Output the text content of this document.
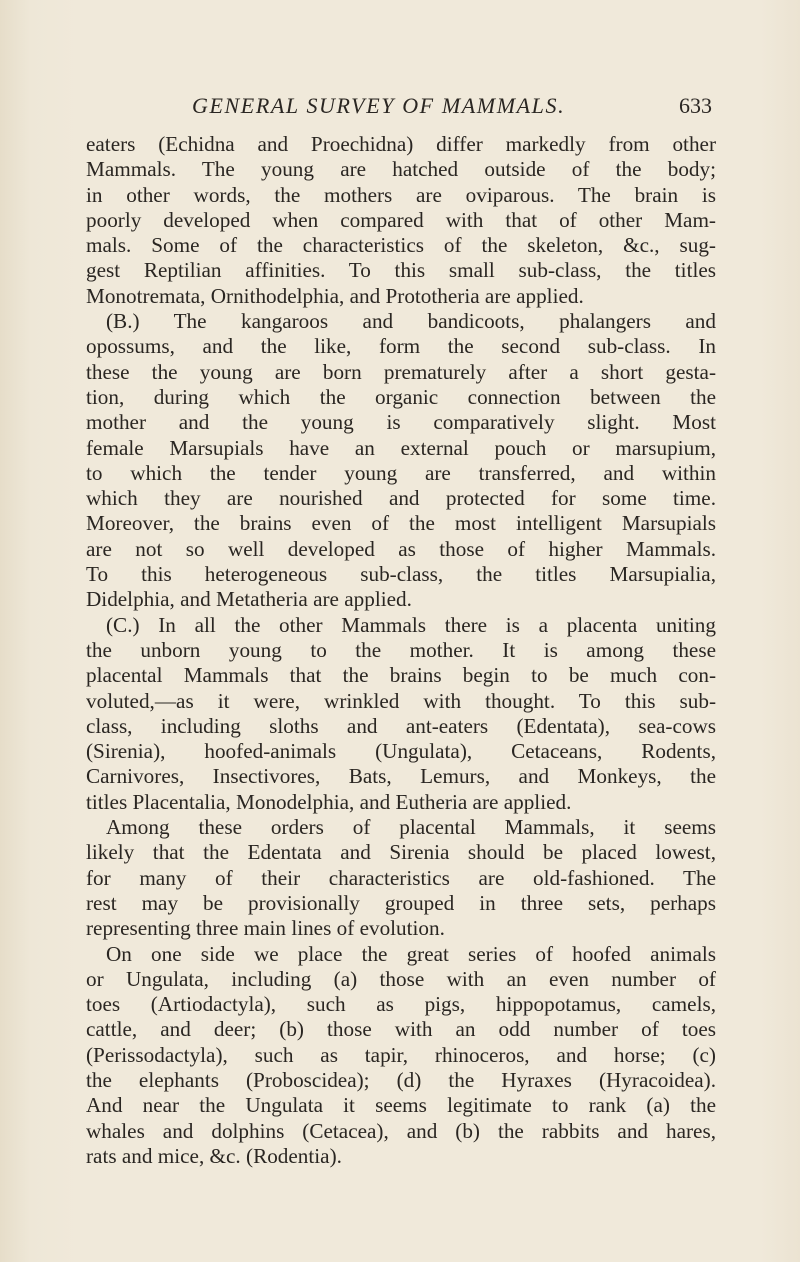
GENERAL SURVEY OF MAMMALS.	633
eaters (Echidna and Proechidna) differ markedly from other
Mammals. The young are hatched outside of the body;
in other words, the mothers are oviparous. The brain is
poorly developed when compared with that of other Mam-
mals. Some of the characteristics of the skeleton, &c., sug-
gest Reptilian affinities. To this small sub-class, the titles
Monotremata, Ornithodelphia, and Prototheria are applied.
(B.) The kangaroos and bandicoots, phalangers and
opossums, and the like, form the second sub-class. In
these the young are born prematurely after a short gesta-
tion, during which the organic connection between the
mother and the young is comparatively slight. Most
female Marsupials have an external pouch or marsupium,
to which the tender young are transferred, and within
which they are nourished and protected for some time.
Moreover, the brains even of the most intelligent Marsupials
are not so well developed as those of higher Mammals.
To this heterogeneous sub-class, the titles Marsupialia,
Didelphia, and Metatheria are applied.
(C.) In all the other Mammals there is a placenta uniting
the unborn young to the mother. It is among these
placental Mammals that the brains begin to be much con-
voluted,—as it were, wrinkled with thought. To this sub-
class, including sloths and ant-eaters (Edentata), sea-cows
(Sirenia), hoofed-animals (Ungulata), Cetaceans, Rodents,
Carnivores, Insectivores, Bats, Lemurs, and Monkeys, the
titles Placentalia, Monodelphia, and Eutheria are applied.
Among these orders of placental Mammals, it seems
likely that the Edentata and Sirenia should be placed lowest,
for many of their characteristics are old-fashioned. The
rest may be provisionally grouped in three sets, perhaps
representing three main lines of evolution.
On one side we place the great series of hoofed animals
or Ungulata, including (a) those with an even number of
toes (Artiodactyla), such as pigs, hippopotamus, camels,
cattle, and deer; (b) those with an odd number of toes
(Perissodactyla), such as tapir, rhinoceros, and horse; (c)
the elephants (Proboscidea); (d) the Hyraxes (Hyracoidea).
And near the Ungulata it seems legitimate to rank (a) the
whales and dolphins (Cetacea), and (b) the rabbits and hares,
rats and mice, &c. (Rodentia).
